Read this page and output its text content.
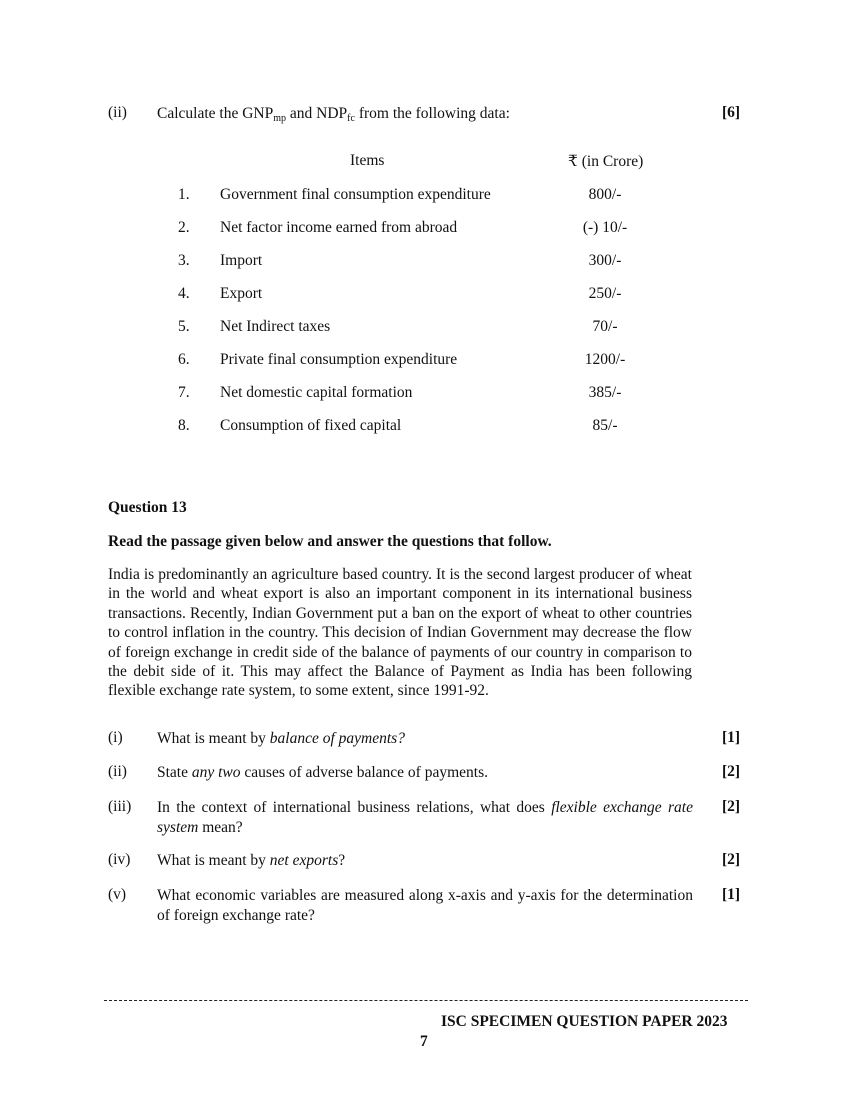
(ii) Calculate the $GNP_{mp}$ and $NDP_{fc}$ from the following data:	[6]
Items	₹ (in Crore)
1. Government final consumption expenditure	800/-
2. Net factor income earned from abroad	(-) 10/-
3. Import	300/-
4. Export	250/-
5. Net Indirect taxes	70/-
6. Private final consumption expenditure	1200/-
7. Net domestic capital formation	385/-
8. Consumption of fixed capital	85/-
Question 13
Read the passage given below and answer the questions that follow.
India is predominantly an agriculture based country. It is the second largest producer of wheat in the world and wheat export is also an important component in its international business transactions. Recently, Indian Government put a ban on the export of wheat to other countries to control inflation in the country. This decision of Indian Government may decrease the flow of foreign exchange in credit side of the balance of payments of our country in comparison to the debit side of it. This may affect the Balance of Payment as India has been following flexible exchange rate system, to some extent, since 1991-92.
(i) What is meant by balance of payments?	[1]
(ii) State any two causes of adverse balance of payments.	[2]
(iii) In the context of international business relations, what does flexible exchange rate system mean?
[2]
(iv) What is meant by net exports?	[2]
(v) What economic variables are measured along x-axis and y-axis for the determination of foreign exchange rate?
[1]
ISC SPECIMEN QUESTION PAPER 2023
7
